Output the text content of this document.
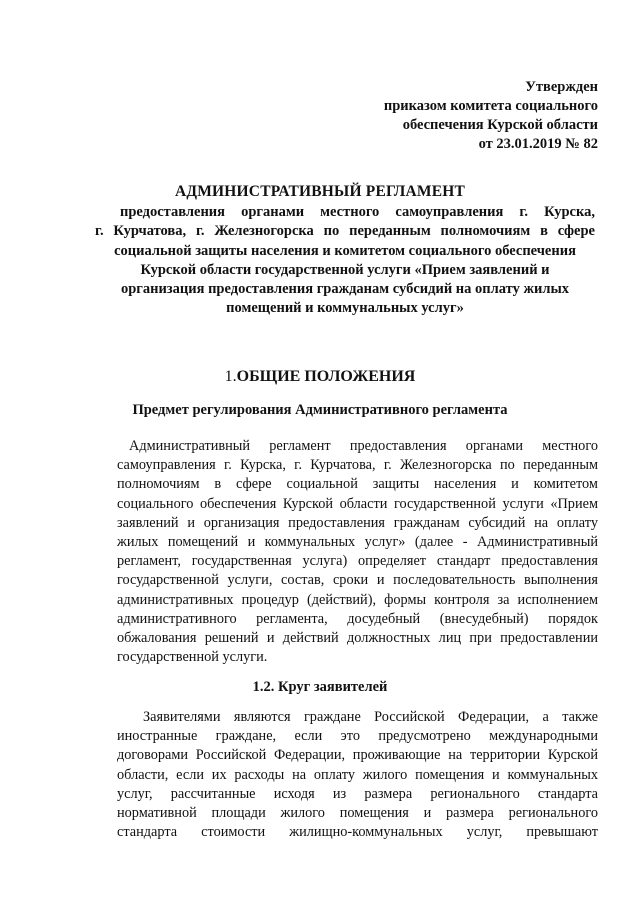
Утвержден
приказом комитета социального
обеспечения Курской области
от 23.01.2019 № 82
АДМИНИСТРАТИВНЫЙ РЕГЛАМЕНТ
предоставления органами местного самоуправления г. Курска,
г. Курчатова, г. Железногорска по переданным полномочиям в сфере
социальной защиты населения и комитетом социального обеспечения
Курской области государственной услуги «Прием заявлений и
организация предоставления гражданам субсидий на оплату жилых
помещений и коммунальных услуг»
1.ОБЩИЕ ПОЛОЖЕНИЯ
Предмет регулирования Административного регламента
Административный регламент предоставления органами местного
самоуправления г. Курска, г. Курчатова, г. Железногорска по переданным
полномочиям в сфере социальной защиты населения и комитетом
социального обеспечения Курской области государственной услуги «Прием
заявлений и организация предоставления гражданам субсидий на оплату
жилых помещений и коммунальных услуг» (далее - Административный
регламент, государственная услуга) определяет стандарт предоставления
государственной услуги, состав, сроки и последовательность выполнения
административных процедур (действий), формы контроля за исполнением
административного регламента, досудебный (внесудебный) порядок
обжалования решений и действий должностных лиц при предоставлении
государственной услуги.
1.2. Круг заявителей
Заявителями являются граждане Российской Федерации, а также
иностранные граждане, если это предусмотрено международными
договорами Российской Федерации, проживающие на территории Курской
области, если их расходы на оплату жилого помещения и коммунальных
услуг, рассчитанные исходя из размера регионального стандарта
нормативной площади жилого помещения и размера регионального
стандарта стоимости жилищно-коммунальных услуг, превышают
